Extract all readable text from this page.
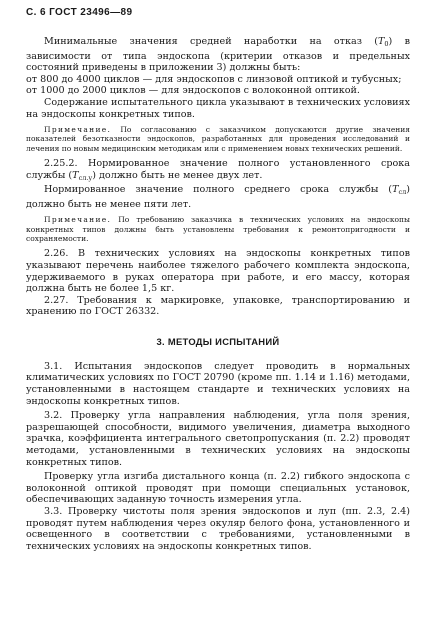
С. 6 ГОСТ 23496—89

Минимальные значения средней наработки на отказ $(T_0)$ в зависимости от типа эндоскопа (критерии отказов и предельных состояний приведены в приложении 3) должны быть:

от 800 до 4000 циклов — для эндоскопов с линзовой оптикой и тубусных;

от 1000 до 2000 циклов — для эндоскопов с волоконной оптикой.

Содержание испытательного цикла указывают в технических условиях на эндоскопы конкретных типов.

Примечание. По согласованию с заказчиком допускаются другие значения показателей безотказности эндоскопов, разработанных для проведения исследований и лечения по новым медицинским методикам или с применением новых технических решений.

2.25.2. Нормированное значение полного установленного срока службы $(T_{сл.у})$ должно быть не менее двух лет.

Нормированное значение полного среднего срока службы $(T_{сл})$ должно быть не менее пяти лет.

Примечание. По требованию заказчика в технических условиях на эндоскопы конкретных типов должны быть установлены требования к ремонтопригодности и сохраняемости.

2.26. В технических условиях на эндоскопы конкретных типов указывают перечень наиболее тяжелого рабочего комплекта эндоскопа, удерживаемого в руках оператора при работе, и его массу, которая должна быть не более 1,5 кг.

2.27. Требования к маркировке, упаковке, транспортированию и хранению по ГОСТ 26332.

3. МЕТОДЫ ИСПЫТАНИЙ

3.1. Испытания эндоскопов следует проводить в нормальных климатических условиях по ГОСТ 20790 (кроме пп. 1.14 и 1.16) методами, установленными в настоящем стандарте и технических условиях на эндоскопы конкретных типов.

3.2. Проверку угла направления наблюдения, угла поля зрения, разрешающей способности, видимого увеличения, диаметра выходного зрачка, коэффициента интегрального светопропускания (п. 2.2) проводят методами, установленными в технических условиях на эндоскопы конкретных типов.

Проверку угла изгиба дистального конца (п. 2.2) гибкого эндоскопа с волоконной оптикой проводят при помощи специальных установок, обеспечивающих заданную точность измерения угла.

3.3. Проверку чистоты поля зрения эндоскопов и луп (пп. 2.3, 2.4) проводят путем наблюдения через окуляр белого фона, установленного и освещенного в соответствии с требованиями, установленными в технических условиях на эндоскопы конкретных типов.
